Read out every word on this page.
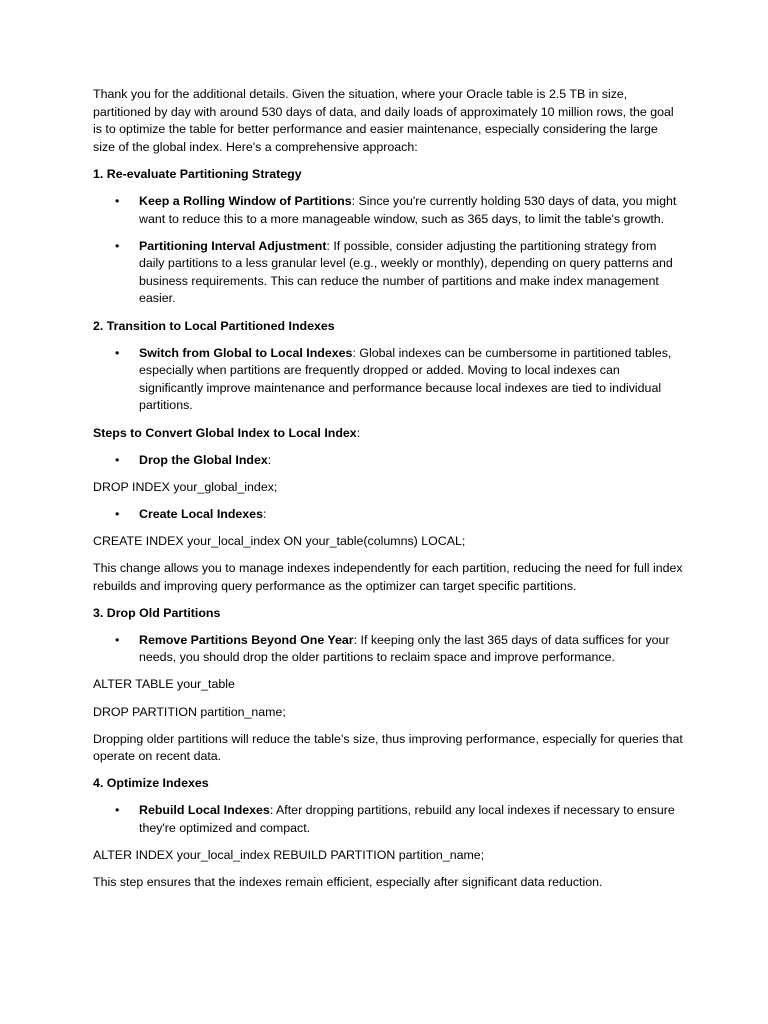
Thank you for the additional details. Given the situation, where your Oracle table is 2.5 TB in size, partitioned by day with around 530 days of data, and daily loads of approximately 10 million rows, the goal is to optimize the table for better performance and easier maintenance, especially considering the large size of the global index. Here's a comprehensive approach:

1. Re-evaluate Partitioning Strategy

• Keep a Rolling Window of Partitions: Since you're currently holding 530 days of data, you might want to reduce this to a more manageable window, such as 365 days, to limit the table's growth.
• Partitioning Interval Adjustment: If possible, consider adjusting the partitioning strategy from daily partitions to a less granular level (e.g., weekly or monthly), depending on query patterns and business requirements. This can reduce the number of partitions and make index management easier.

2. Transition to Local Partitioned Indexes

• Switch from Global to Local Indexes: Global indexes can be cumbersome in partitioned tables, especially when partitions are frequently dropped or added. Moving to local indexes can significantly improve maintenance and performance because local indexes are tied to individual partitions.

Steps to Convert Global Index to Local Index:

• Drop the Global Index:

DROP INDEX your_global_index;

• Create Local Indexes:

CREATE INDEX your_local_index ON your_table(columns) LOCAL;

This change allows you to manage indexes independently for each partition, reducing the need for full index rebuilds and improving query performance as the optimizer can target specific partitions.

3. Drop Old Partitions

• Remove Partitions Beyond One Year: If keeping only the last 365 days of data suffices for your needs, you should drop the older partitions to reclaim space and improve performance.

ALTER TABLE your_table

DROP PARTITION partition_name;

Dropping older partitions will reduce the table's size, thus improving performance, especially for queries that operate on recent data.

4. Optimize Indexes

• Rebuild Local Indexes: After dropping partitions, rebuild any local indexes if necessary to ensure they're optimized and compact.

ALTER INDEX your_local_index REBUILD PARTITION partition_name;

This step ensures that the indexes remain efficient, especially after significant data reduction.
